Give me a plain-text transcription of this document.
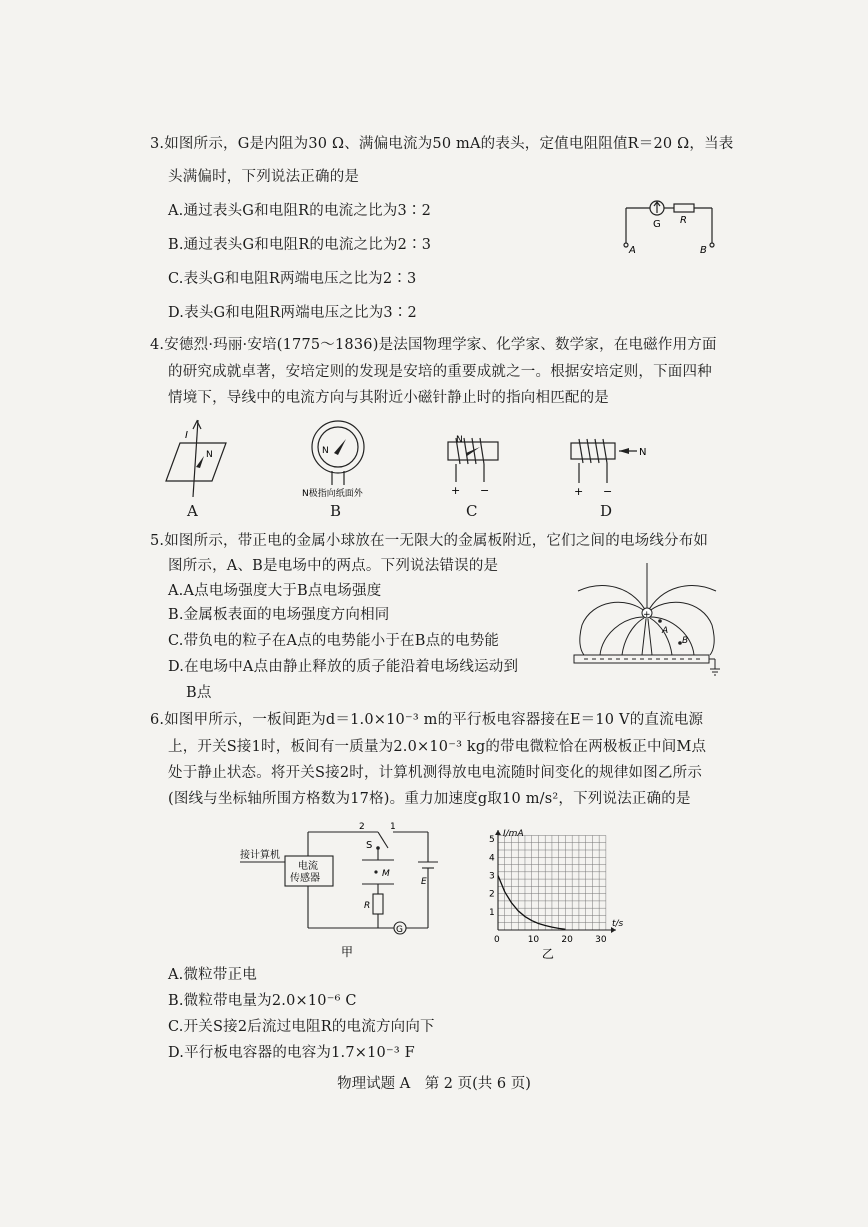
3.如图所示，G是内阻为30 Ω、满偏电流为50 mA的表头，定值电阻阻值R＝20 Ω，当表
头满偏时，下列说法正确的是
A.通过表头G和电阻R的电流之比为3∶2
B.通过表头G和电阻R的电流之比为2∶3
C.表头G和电阻R两端电压之比为2∶3
D.表头G和电阻R两端电压之比为3∶2
G R
A	B
4.安德烈·玛丽·安培(1775～1836)是法国物理学家、化学家、数学家，在电磁作用方面
的研究成就卓著，安培定则的发现是安培的重要成就之一。根据安培定则，下面四种
情境下，导线中的电流方向与其附近小磁针静止时的指向相匹配的是
I
N
A
N
N极指向纸面外
B
N
+ −
C
N
+ −
D
5.如图所示，带正电的金属小球放在一无限大的金属板附近，它们之间的电场线分布如
图所示，A、B是电场中的两点。下列说法错误的是
A.A点电场强度大于B点电场强度
B.金属板表面的电场强度方向相同
C.带负电的粒子在A点的电势能小于在B点的电势能
D.在电场中A点由静止释放的质子能沿着电场线运动到
B点
+
A
B
6.如图甲所示，一板间距为d＝1.0×10⁻³ m的平行板电容器接在E＝10 V的直流电源
上，开关S接1时，板间有一质量为2.0×10⁻³ kg的带电微粒恰在两极板正中间M点
处于静止状态。将开关S接2时，计算机测得放电电流随时间变化的规律如图乙所示
(图线与坐标轴所围方格数为17格)。重力加速度g取10 m/s²，下列说法正确的是
接计算机
电流
传感器
S
M
R
E
G
2	1
甲
0	10 20 30
1
2
3
4
5
t/s
I/mA
乙
A.微粒带正电
B.微粒带电量为2.0×10⁻⁶ C
C.开关S接2后流过电阻R的电流方向向下
D.平行板电容器的电容为1.7×10⁻³ F
物理试题 A　第 2 页(共 6 页)
